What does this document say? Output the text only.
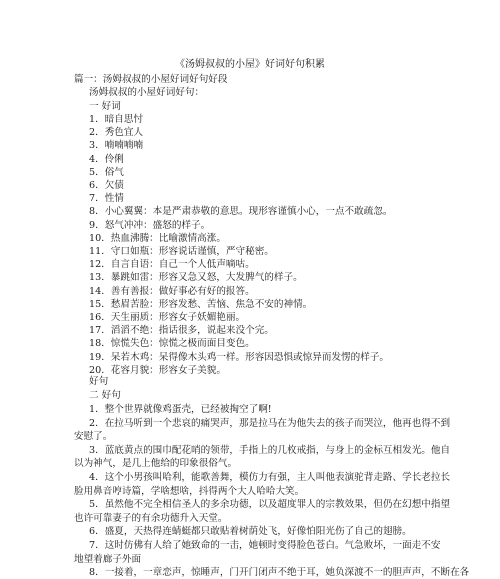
《汤姆叔叔的小屋》好词好句积累
篇一：汤姆叔叔的小屋好词好句好段
汤姆叔叔的小屋好词好句：
一 好词
1．暗自思忖
2．秀色宜人
3．喃喃喃喃
4．伶俐
5．俗气
6．欠债
7．性情
8．小心翼翼：本是严肃恭敬的意思。现形容谨慎小心，一点不敢疏忽。
9．怒气冲冲：盛怒的样子。
10．热血沸腾：比喻激情高涨。
11．守口如瓶：形容说话谨慎，严守秘密。
12．自言自语：自己一个人低声嘀咕。
13．暴跳如雷：形容又急又怒，大发脾气的样子。
14．善有善报：做好事必有好的报答。
15．愁眉苦脸：形容发愁、苦恼、焦急不安的神情。
16．天生丽质：形容女子妖媚艳丽。
17．滔滔不绝：指话很多，说起来没个完。
18．惊慌失色：惊慌之极而面目变色。
19．呆若木鸡：呆得像木头鸡一样。形容因恐惧或惊异而发愣的样子。
20．花容月貌：形容女子美貌。
好句
二 好句
1．整个世界就像鸡蛋壳，已经被掏空了啊!
2．在拉马听到一个悲哀的痛哭声，那是拉马在为他失去的孩子而哭泣，他再也得不到
安慰了。
3．蓝底黄点的围巾配花哨的领带，手指上的几枚戒指，与身上的金标互相发光。他自
以为神气，是几上他给的印象很俗气。
4．这个小男孩叫哈利，能歌善舞，模仿力有强，主人叫他表演驼背走路、学长老拉长
脸用鼻音哼诗篇，学啥想啥，抖得两个大人哈哈大笑。
5．虽然他不完全相信圣人的多余功德，以及超度罪人的宗教效果，但仍在幻想中指望
也许可靠妻子的有余功德升入天堂。
6．盛夏，天热得连蜻蜓都只敢贴着树荫处飞，好像怕阳光伤了自己的翅膀。
7．这时仿佛有人给了她致命的一击，她顿时变得脸色苍白。气急败坏，一面走不安
地望着廊子外面
8．一接着，一章恋声，惊睡声，门开门闭声不绝于耳，她负深渡不一的胆声声，不断在各
